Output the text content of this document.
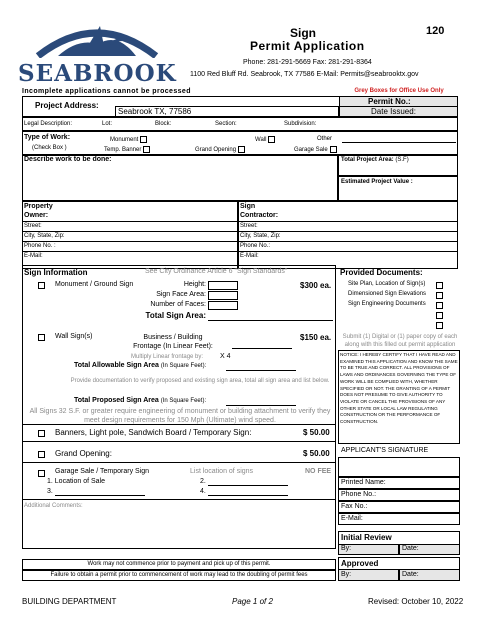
SEABROOK
Sign
Permit Application
120
Phone: 281-291-5669 Fax: 281-291-8364
1100 Red Bluff Rd. Seabrook, TX 77586 E-Mail: Permits@seabrooktx.gov
Incomplete applications cannot be processed	Grey Boxes for Office Use Only
Project Address:
Seabrook TX, 77586
Permit No.:
Date Issued:
Legal Description:	Lot:	Block:	Section:	Subdivision:
Type of Work:
(Check Box )
Monument
Temp. Banner
Wall
Grand Opening
Other
Garage Sale
Describe work to be done:	Total Project Area: (S.F)
Estimated Project Value :
Property
Owner:
Street:
City, State, Zip:
Phone No. :
E-Mail:
Sign
Contractor:
Street:
City, State, Zip:
Phone No.:
E-Mail:
Sign Information	See City Ordinance Article 6 "Sign Standards"
Monument / Ground Sign	Height:
Sign Face Area:
Number of Faces:
Total Sign Area:
$300 ea.
Wall Sign(s)	Business / Building
Frontage (In Linear Feet):
$150 ea.
Multiply Linear frontage by: X 4
Total Allowable Sign Area (In Square Feet):
Provide documentation to verify proposed and existing sign area, total all sign area and list below.
Total Proposed Sign Area (In Square Feet):
All Signs 32 S.F. or greater require engineering of monument or building attachment to verify they meet design requirements for 150 Mph (Ultimate) wind speed.
Banners, Light pole, Sandwich Board / Temporary Sign:	$ 50.00
Grand Opening:	$ 50.00
Garage Sale / Temporary Sign	List location of signs	NO FEE
1. Location of Sale	2.
3.	4.
Additional Comments:
Provided Documents:
Site Plan, Location of Sign(s)
Dimensioned Sign Elevations
Sign Engineering Documents
Submit (1) Digital or (1) paper copy of each along with this filled out permit application
NOTICE: I HEREBY CERTIFY THAT I HAVE READ AND EXAMINED THIS APPLICATION AND KNOW THE SAME TO BE TRUE AND CORRECT. ALL PROVISIONS OF LAWS AND ORDINANCES GOVERNING THE TYPE OF WORK WILL BE COMPLIED WITH, WHETHER SPECIFIED OR NOT. THE GRANTING OF A PERMIT DOES NOT PRESUME TO GIVE AUTHORITY TO VIOLATE OR CANCEL THE PROVISIONS OF ANY OTHER STATE OR LOCAL LAW REGULATING CONSTRUCTION OR THE PERFORMANCE OF CONSTRUCTION.
APPLICANT'S SIGNATURE
Printed Name:
Phone No.:
Fax No.:
E-Mail:
Initial Review
By:	Date:
Approved
By:	Date:
Work may not commence prior to payment and pick up of this permit.
Failure to obtain a permit prior to commencement of work may lead to the doubling of permit fees
BUILDING DEPARTMENT	Page 1 of 2	Revised: October 10, 2022
